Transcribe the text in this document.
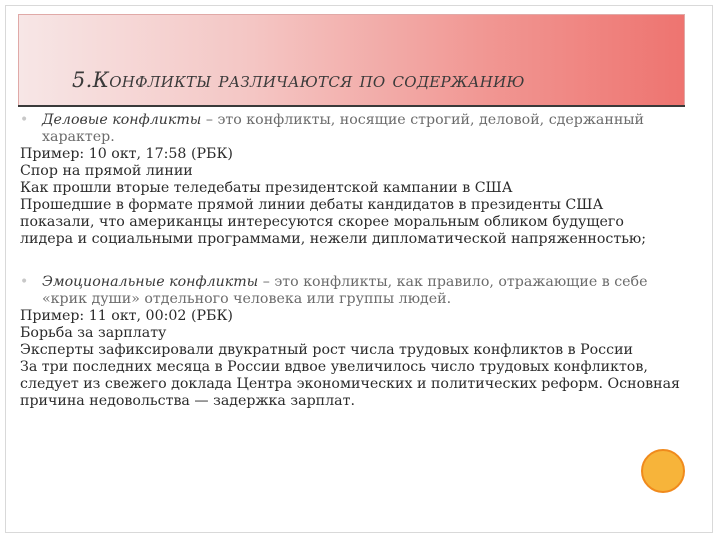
5.Конфликты различаются по содержанию
• Деловые конфликты – это конфликты, носящие строгий, деловой, сдержанный характер.
Пример: 10 окт, 17:58 (РБК)
Спор на прямой линии
Как прошли вторые теледебаты президентской кампании в США
Прошедшие в формате прямой линии дебаты кандидатов в президенты США показали, что американцы интересуются скорее моральным обликом будущего лидера и социальными программами, нежели дипломатической напряженностью;
• Эмоциональные конфликты – это конфликты, как правило, отражающие в себе «крик души» отдельного человека или группы людей.
Пример: 11 окт, 00:02 (РБК)
Борьба за зарплату
Эксперты зафиксировали двукратный рост числа трудовых конфликтов в России
За три последних месяца в России вдвое увеличилось число трудовых конфликтов, следует из свежего доклада Центра экономических и политических реформ. Основная причина недовольства — задержка зарплат.
